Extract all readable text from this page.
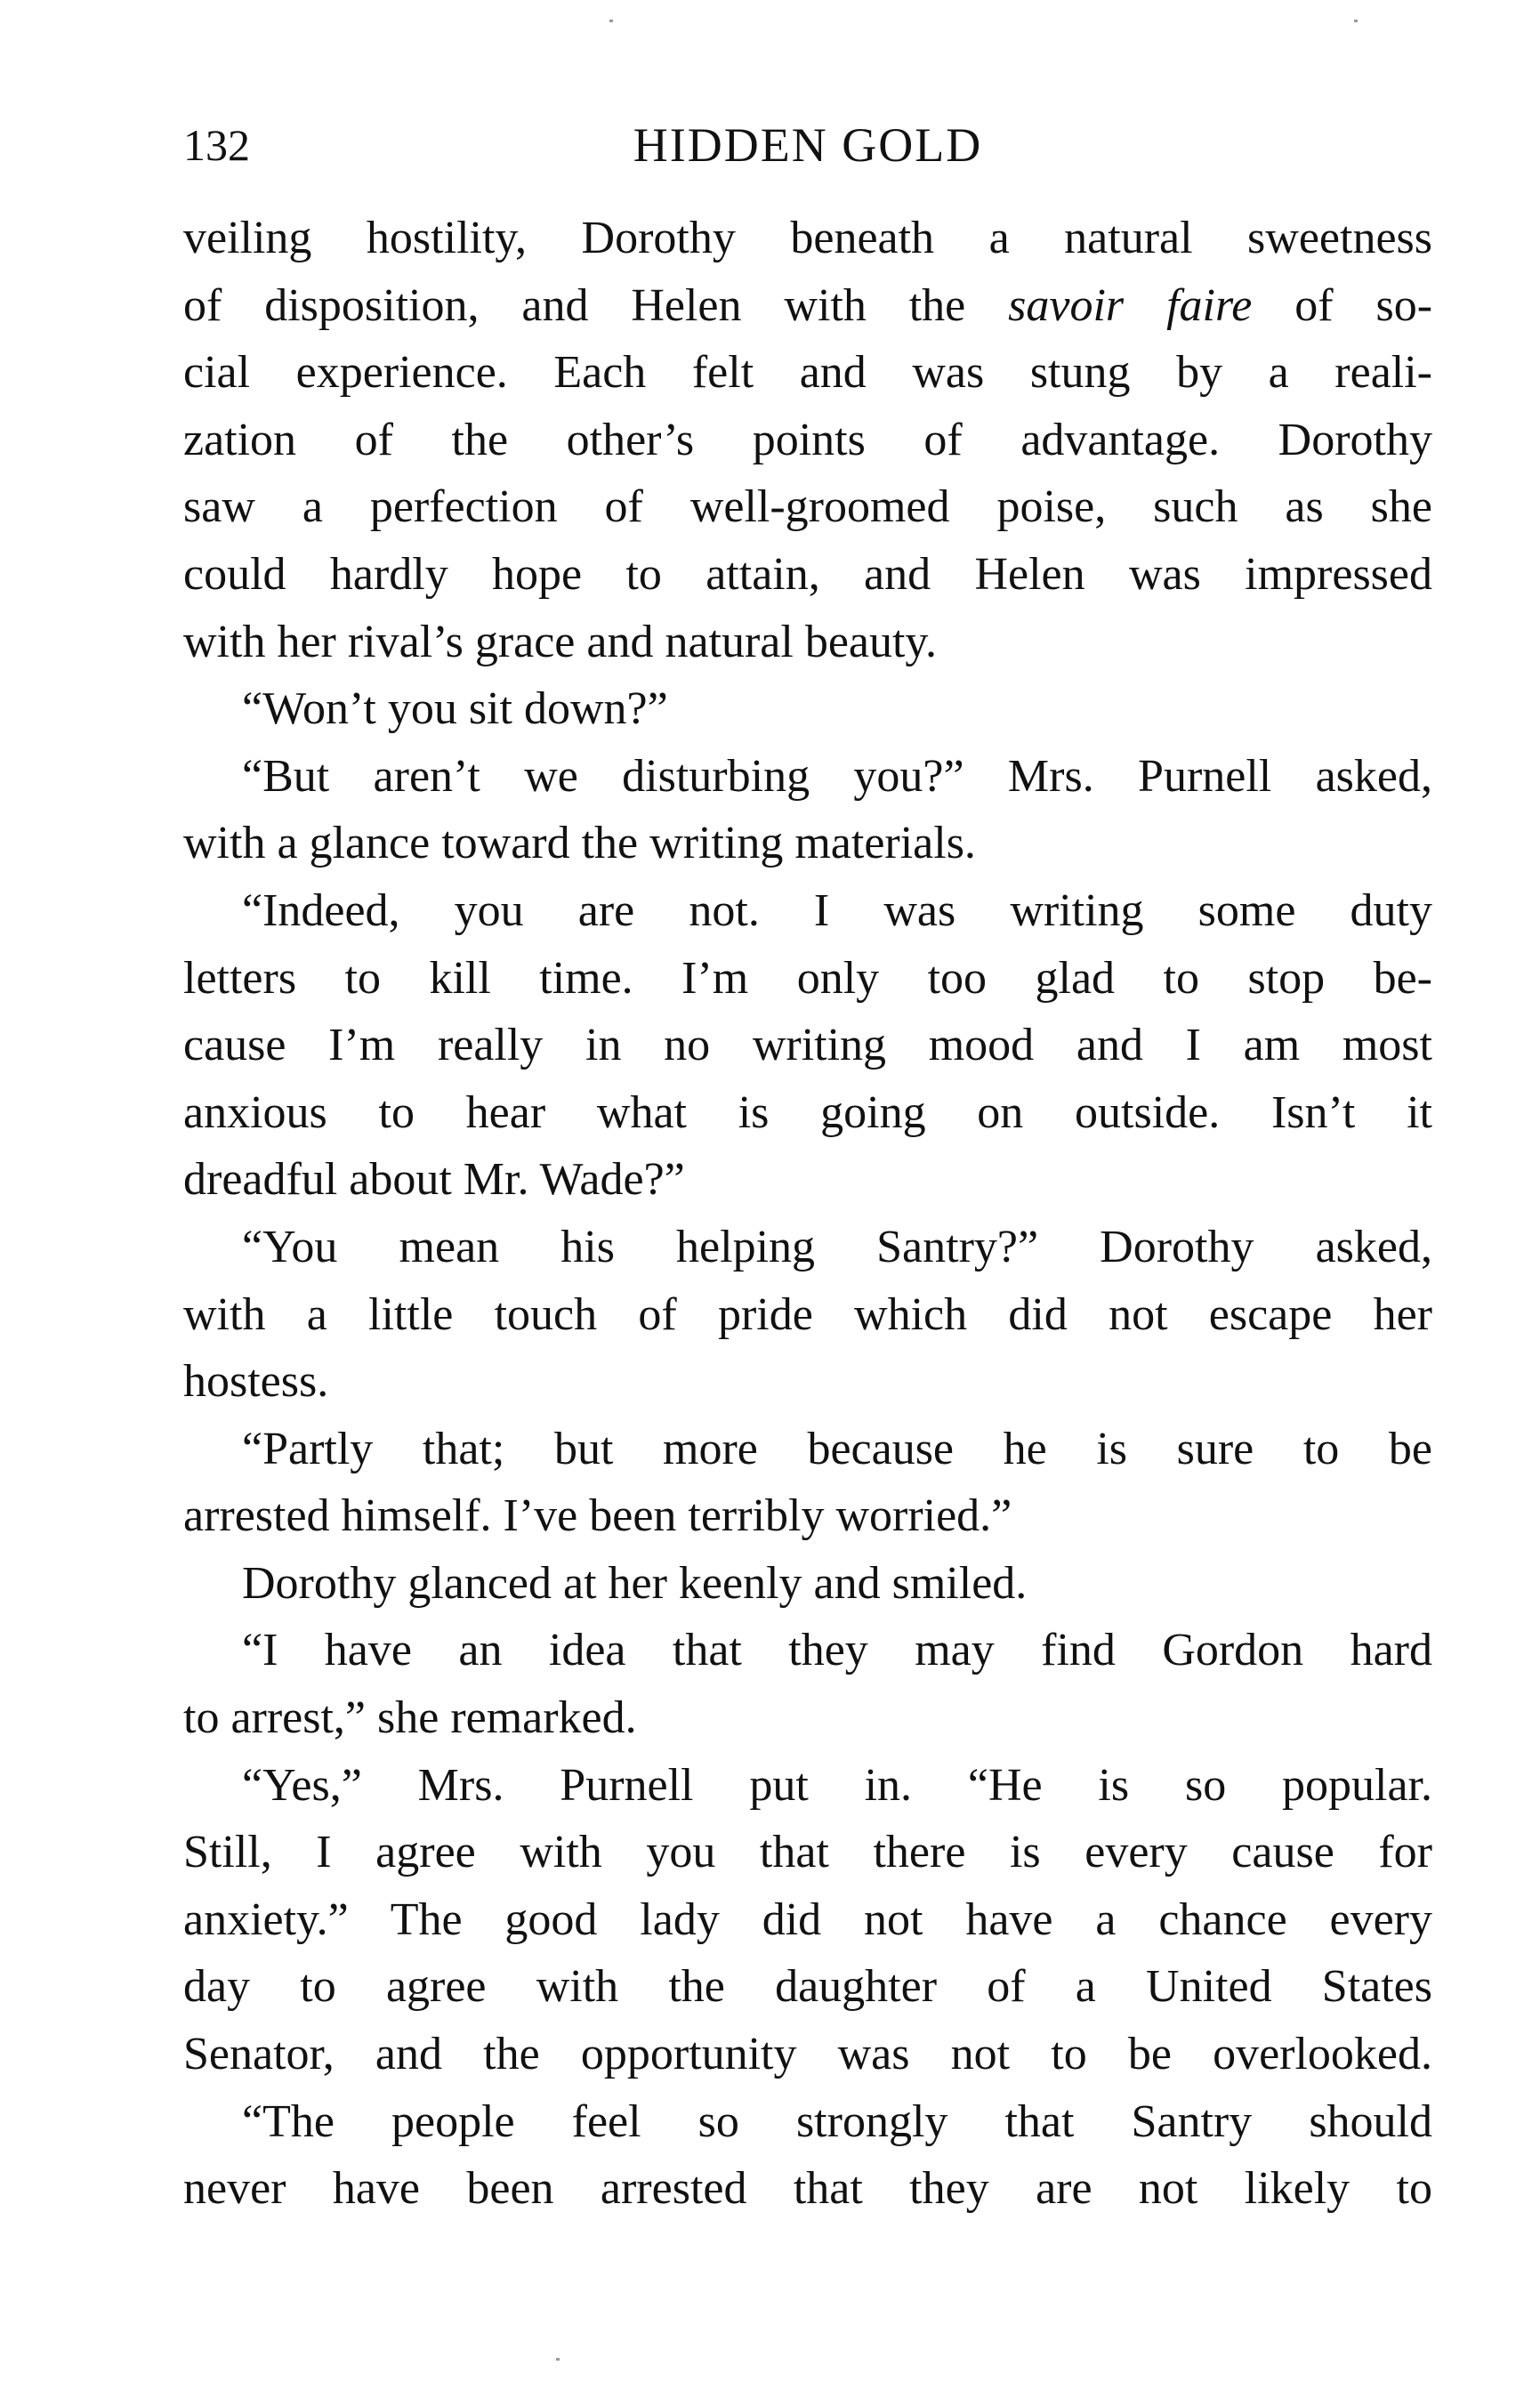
132	HIDDEN GOLD
veiling hostility, Dorothy beneath a natural sweetness
of disposition, and Helen with the savoir faire of so-
cial experience. Each felt and was stung by a reali-
zation of the other’s points of advantage. Dorothy
saw a perfection of well-groomed poise, such as she
could hardly hope to attain, and Helen was impressed
with her rival’s grace and natural beauty.
“Won’t you sit down?”
“But aren’t we disturbing you?” Mrs. Purnell asked,
with a glance toward the writing materials.
“Indeed, you are not. I was writing some duty
letters to kill time. I’m only too glad to stop be-
cause I’m really in no writing mood and I am most
anxious to hear what is going on outside. Isn’t it
dreadful about Mr. Wade?”
“You mean his helping Santry?” Dorothy asked,
with a little touch of pride which did not escape her
hostess.
“Partly that; but more because he is sure to be
arrested himself. I’ve been terribly worried.”
Dorothy glanced at her keenly and smiled.
“I have an idea that they may find Gordon hard
to arrest,” she remarked.
“Yes,” Mrs. Purnell put in. “He is so popular.
Still, I agree with you that there is every cause for
anxiety.” The good lady did not have a chance every
day to agree with the daughter of a United States
Senator, and the opportunity was not to be overlooked.
“The people feel so strongly that Santry should
never have been arrested that they are not likely to
